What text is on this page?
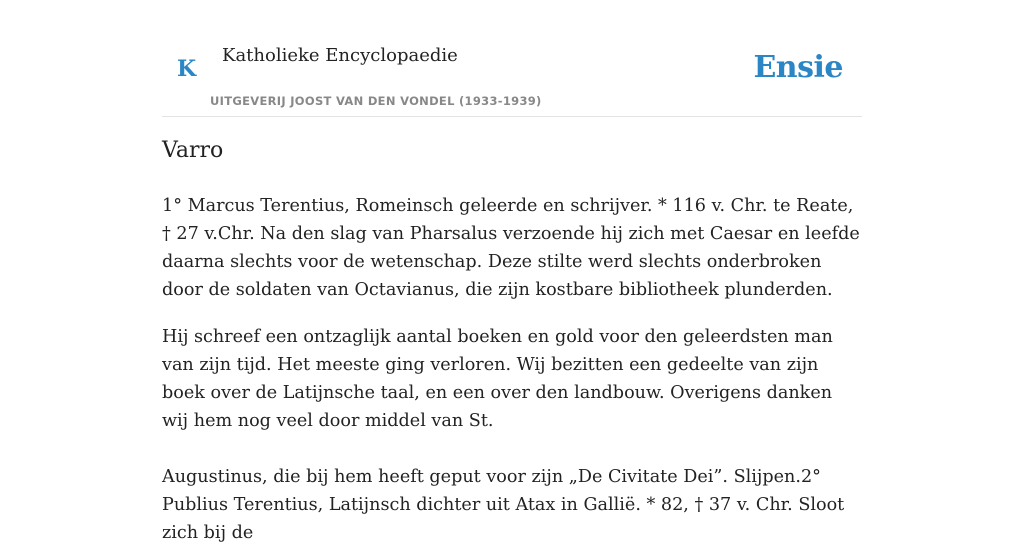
K
Katholieke Encyclopaedie
UITGEVERIJ JOOST VAN DEN VONDEL (1933-1939)
Ensie
Varro

1° Marcus Terentius, Romeinsch geleerde en schrijver. * 116 v. Chr. te Reate, † 27 v.Chr. Na den slag van Pharsalus verzoende hij zich met Caesar en leefde daarna slechts voor de wetenschap. Deze stilte werd slechts onderbroken door de soldaten van Octavianus, die zijn kostbare bibliotheek plunderden.

Hij schreef een ontzaglijk aantal boeken en gold voor den geleerdsten man van zijn tijd. Het meeste ging verloren. Wij bezitten een gedeelte van zijn boek over de Latijnsche taal, en een over den landbouw. Overigens danken wij hem nog veel door middel van St.

Augustinus, die bij hem heeft geput voor zijn „De Civitate Dei”. Slijpen.2° Publius Terentius, Latijnsch dichter uit Atax in Gallië. * 82, † 37 v. Chr. Sloot zich bij de
